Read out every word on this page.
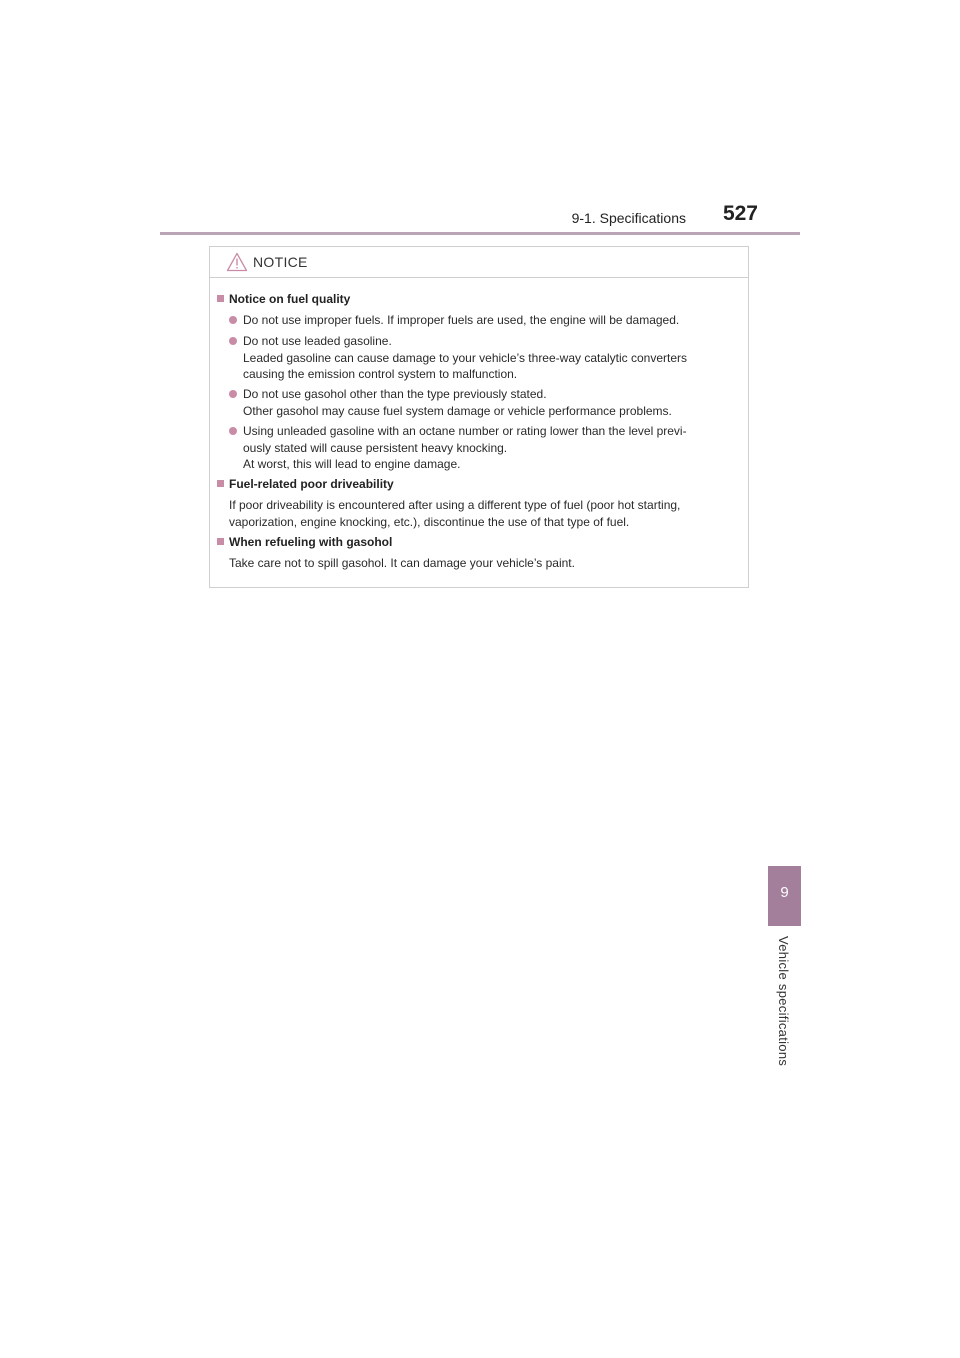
9-1. Specifications 527
NOTICE
Notice on fuel quality
Do not use improper fuels. If improper fuels are used, the engine will be damaged.
Do not use leaded gasoline.
Leaded gasoline can cause damage to your vehicle’s three-way catalytic converters
causing the emission control system to malfunction.
Do not use gasohol other than the type previously stated.
Other gasohol may cause fuel system damage or vehicle performance problems.
Using unleaded gasoline with an octane number or rating lower than the level previ-
ously stated will cause persistent heavy knocking.
At worst, this will lead to engine damage.
Fuel-related poor driveability
If poor driveability is encountered after using a different type of fuel (poor hot starting,
vaporization, engine knocking, etc.), discontinue the use of that type of fuel.
When refueling with gasohol
Take care not to spill gasohol. It can damage your vehicle’s paint.
9
Vehicle specifications
